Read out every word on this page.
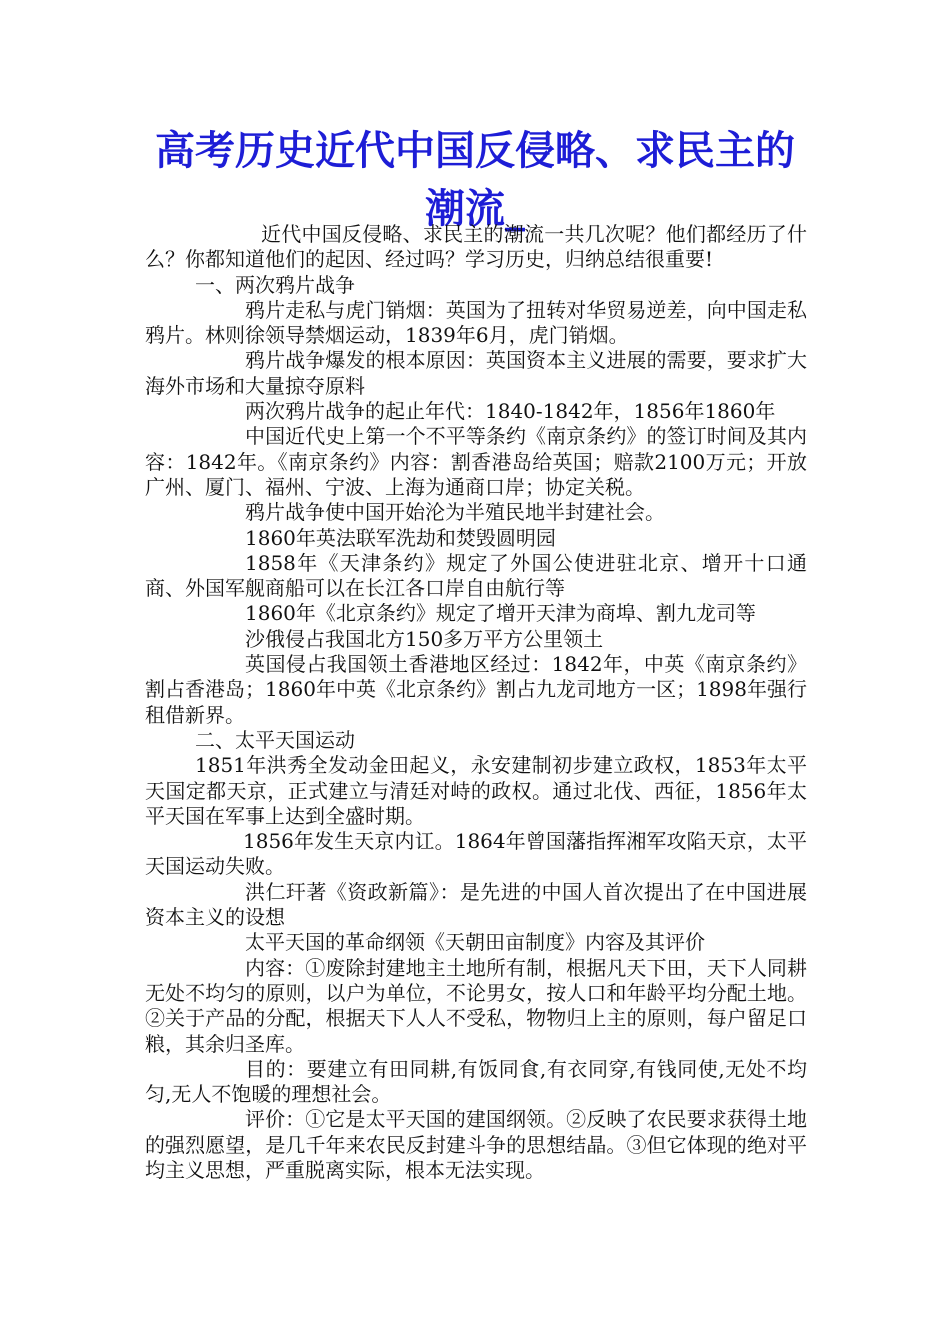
高考历史近代中国反侵略、求民主的潮流_

近代中国反侵略、求民主的潮流一共几次呢？他们都经历了什么？你都知道他们的起因、经过吗？学习历史，归纳总结很重要!

一、两次鸦片战争

鸦片走私与虎门销烟：英国为了扭转对华贸易逆差，向中国走私鸦片。林则徐领导禁烟运动，1839年6月，虎门销烟。

鸦片战争爆发的根本原因：英国资本主义进展的需要，要求扩大海外市场和大量掠夺原料

两次鸦片战争的起止年代：1840-1842年，1856年1860年

中国近代史上第一个不平等条约《南京条约》的签订时间及其内容：1842年。《南京条约》内容：割香港岛给英国；赔款2100万元；开放广州、厦门、福州、宁波、上海为通商口岸；协定关税。

鸦片战争使中国开始沦为半殖民地半封建社会。

1860年英法联军洗劫和焚毁圆明园

1858年《天津条约》规定了外国公使进驻北京、增开十口通商、外国军舰商船可以在长江各口岸自由航行等

1860年《北京条约》规定了增开天津为商埠、割九龙司等

沙俄侵占我国北方150多万平方公里领土

英国侵占我国领土香港地区经过：1842年，中英《南京条约》割占香港岛；1860年中英《北京条约》割占九龙司地方一区；1898年强行租借新界。

二、太平天国运动

1851年洪秀全发动金田起义，永安建制初步建立政权，1853年太平天国定都天京，正式建立与清廷对峙的政权。通过北伐、西征，1856年太平天国在军事上达到全盛时期。

1856年发生天京内讧。1864年曾国藩指挥湘军攻陷天京，太平天国运动失败。

洪仁玕著《资政新篇》：是先进的中国人首次提出了在中国进展资本主义的设想

太平天国的革命纲领《天朝田亩制度》内容及其评价

内容：①废除封建地主土地所有制，根据凡天下田，天下人同耕无处不均匀的原则，以户为单位，不论男女，按人口和年龄平均分配土地。②关于产品的分配，根据天下人人不受私，物物归上主的原则，每户留足口粮，其余归圣库。

目的：要建立有田同耕,有饭同食,有衣同穿,有钱同使,无处不均匀,无人不饱暖的理想社会。

评价：①它是太平天国的建国纲领。②反映了农民要求获得土地的强烈愿望，是几千年来农民反封建斗争的思想结晶。③但它体现的绝对平均主义思想，严重脱离实际，根本无法实现。
